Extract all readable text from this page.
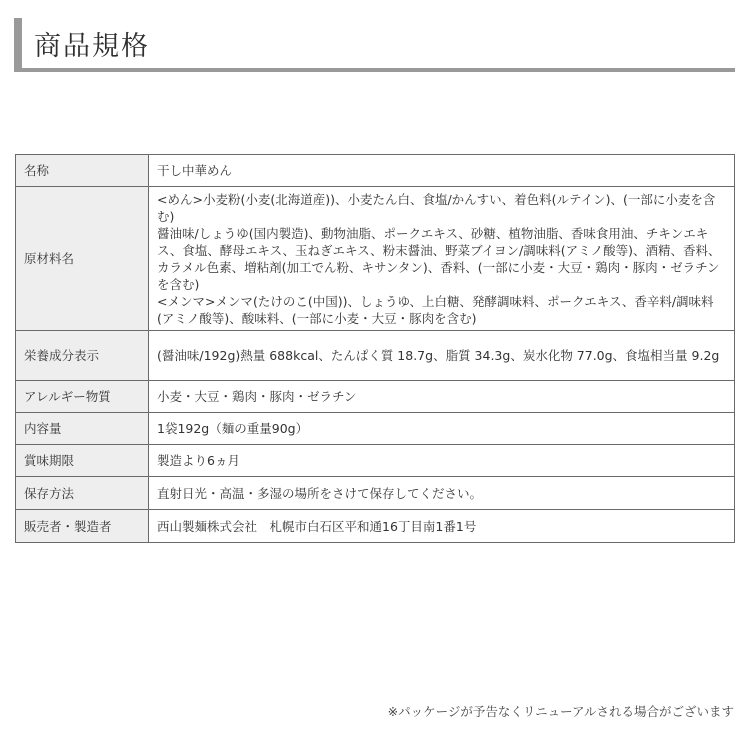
商品規格
名称	干し中華めん
原材料名	<めん>小麦粉(小麦(北海道産))、小麦たん白、食塩/かんすい、着色料(ルテイン)、(一部に小麦を含む)
醤油味/しょうゆ(国内製造)、動物油脂、ポークエキス、砂糖、植物油脂、香味食用油、チキンエキス、食塩、酵母エキス、玉ねぎエキス、粉末醤油、野菜ブイヨン/調味料(アミノ酸等)、酒精、香料、カラメル色素、増粘剤(加工でん粉、キサンタン)、香料、(一部に小麦・大豆・鶏肉・豚肉・ゼラチンを含む)
<メンマ>メンマ(たけのこ(中国))、しょうゆ、上白糖、発酵調味料、ポークエキス、香辛料/調味料(アミノ酸等)、酸味料、(一部に小麦・大豆・豚肉を含む)

栄養成分表示	(醤油味/192g)熱量 688kcal、たんぱく質 18.7g、脂質 34.3g、炭水化物 77.0g、食塩相当量 9.2g
アレルギー物質	小麦・大豆・鶏肉・豚肉・ゼラチン
内容量	1袋192g（麺の重量90g）
賞味期限	製造より6ヵ月
保存方法	直射日光・高温・多湿の場所をさけて保存してください。
販売者・製造者	西山製麺株式会社　札幌市白石区平和通16丁目南1番1号
※パッケージが予告なくリニューアルされる場合がございます
